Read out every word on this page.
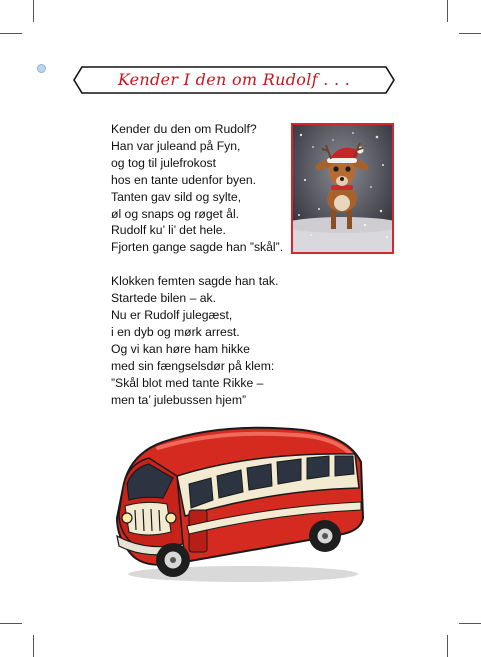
Kender I den om Rudolf . . .
Kender du den om Rudolf?
Han var juleand på Fyn,
og tog til julefrokost
hos en tante udenfor byen.
Tanten gav sild og sylte,
øl og snaps og røget ål.
Rudolf ku’ li’ det hele.
Fjorten gange sagde han ”skål”.
Klokken femten sagde han tak.
Startede bilen – ak.
Nu er Rudolf julegæst,
i en dyb og mørk arrest.
Og vi kan høre ham hikke
med sin fængselsdør på klem:
”Skål blot med tante Rikke –
men ta’ julebussen hjem”
